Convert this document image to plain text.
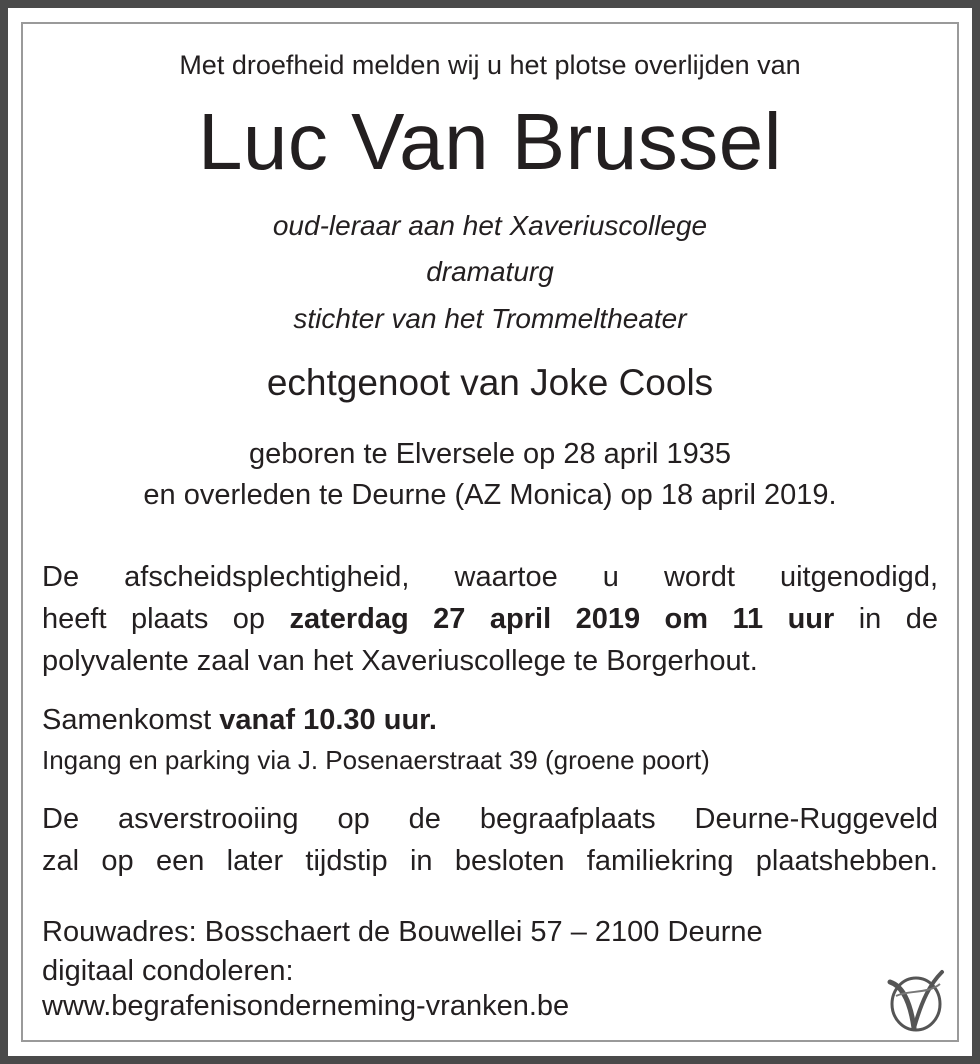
Met droefheid melden wij u het plotse overlijden van
Luc Van Brussel
oud-leraar aan het Xaveriuscollege
dramaturg
stichter van het Trommeltheater
echtgenoot van Joke Cools
geboren te Elversele op 28 april 1935
en overleden te Deurne (AZ Monica) op 18 april 2019.
De afscheidsplechtigheid, waartoe u wordt uitgenodigd,
heeft plaats op zaterdag 27 april 2019 om 11 uur in de
polyvalente zaal van het Xaveriuscollege te Borgerhout.
Samenkomst vanaf 10.30 uur.
Ingang en parking via J. Posenaerstraat 39 (groene poort)
De asverstrooiing op de begraafplaats Deurne-Ruggeveld
zal op een later tijdstip in besloten familiekring plaatshebben.
Rouwadres: Bosschaert de Bouwellei 57 – 2100 Deurne
digitaal condoleren:
www.begrafenisonderneming-vranken.be
